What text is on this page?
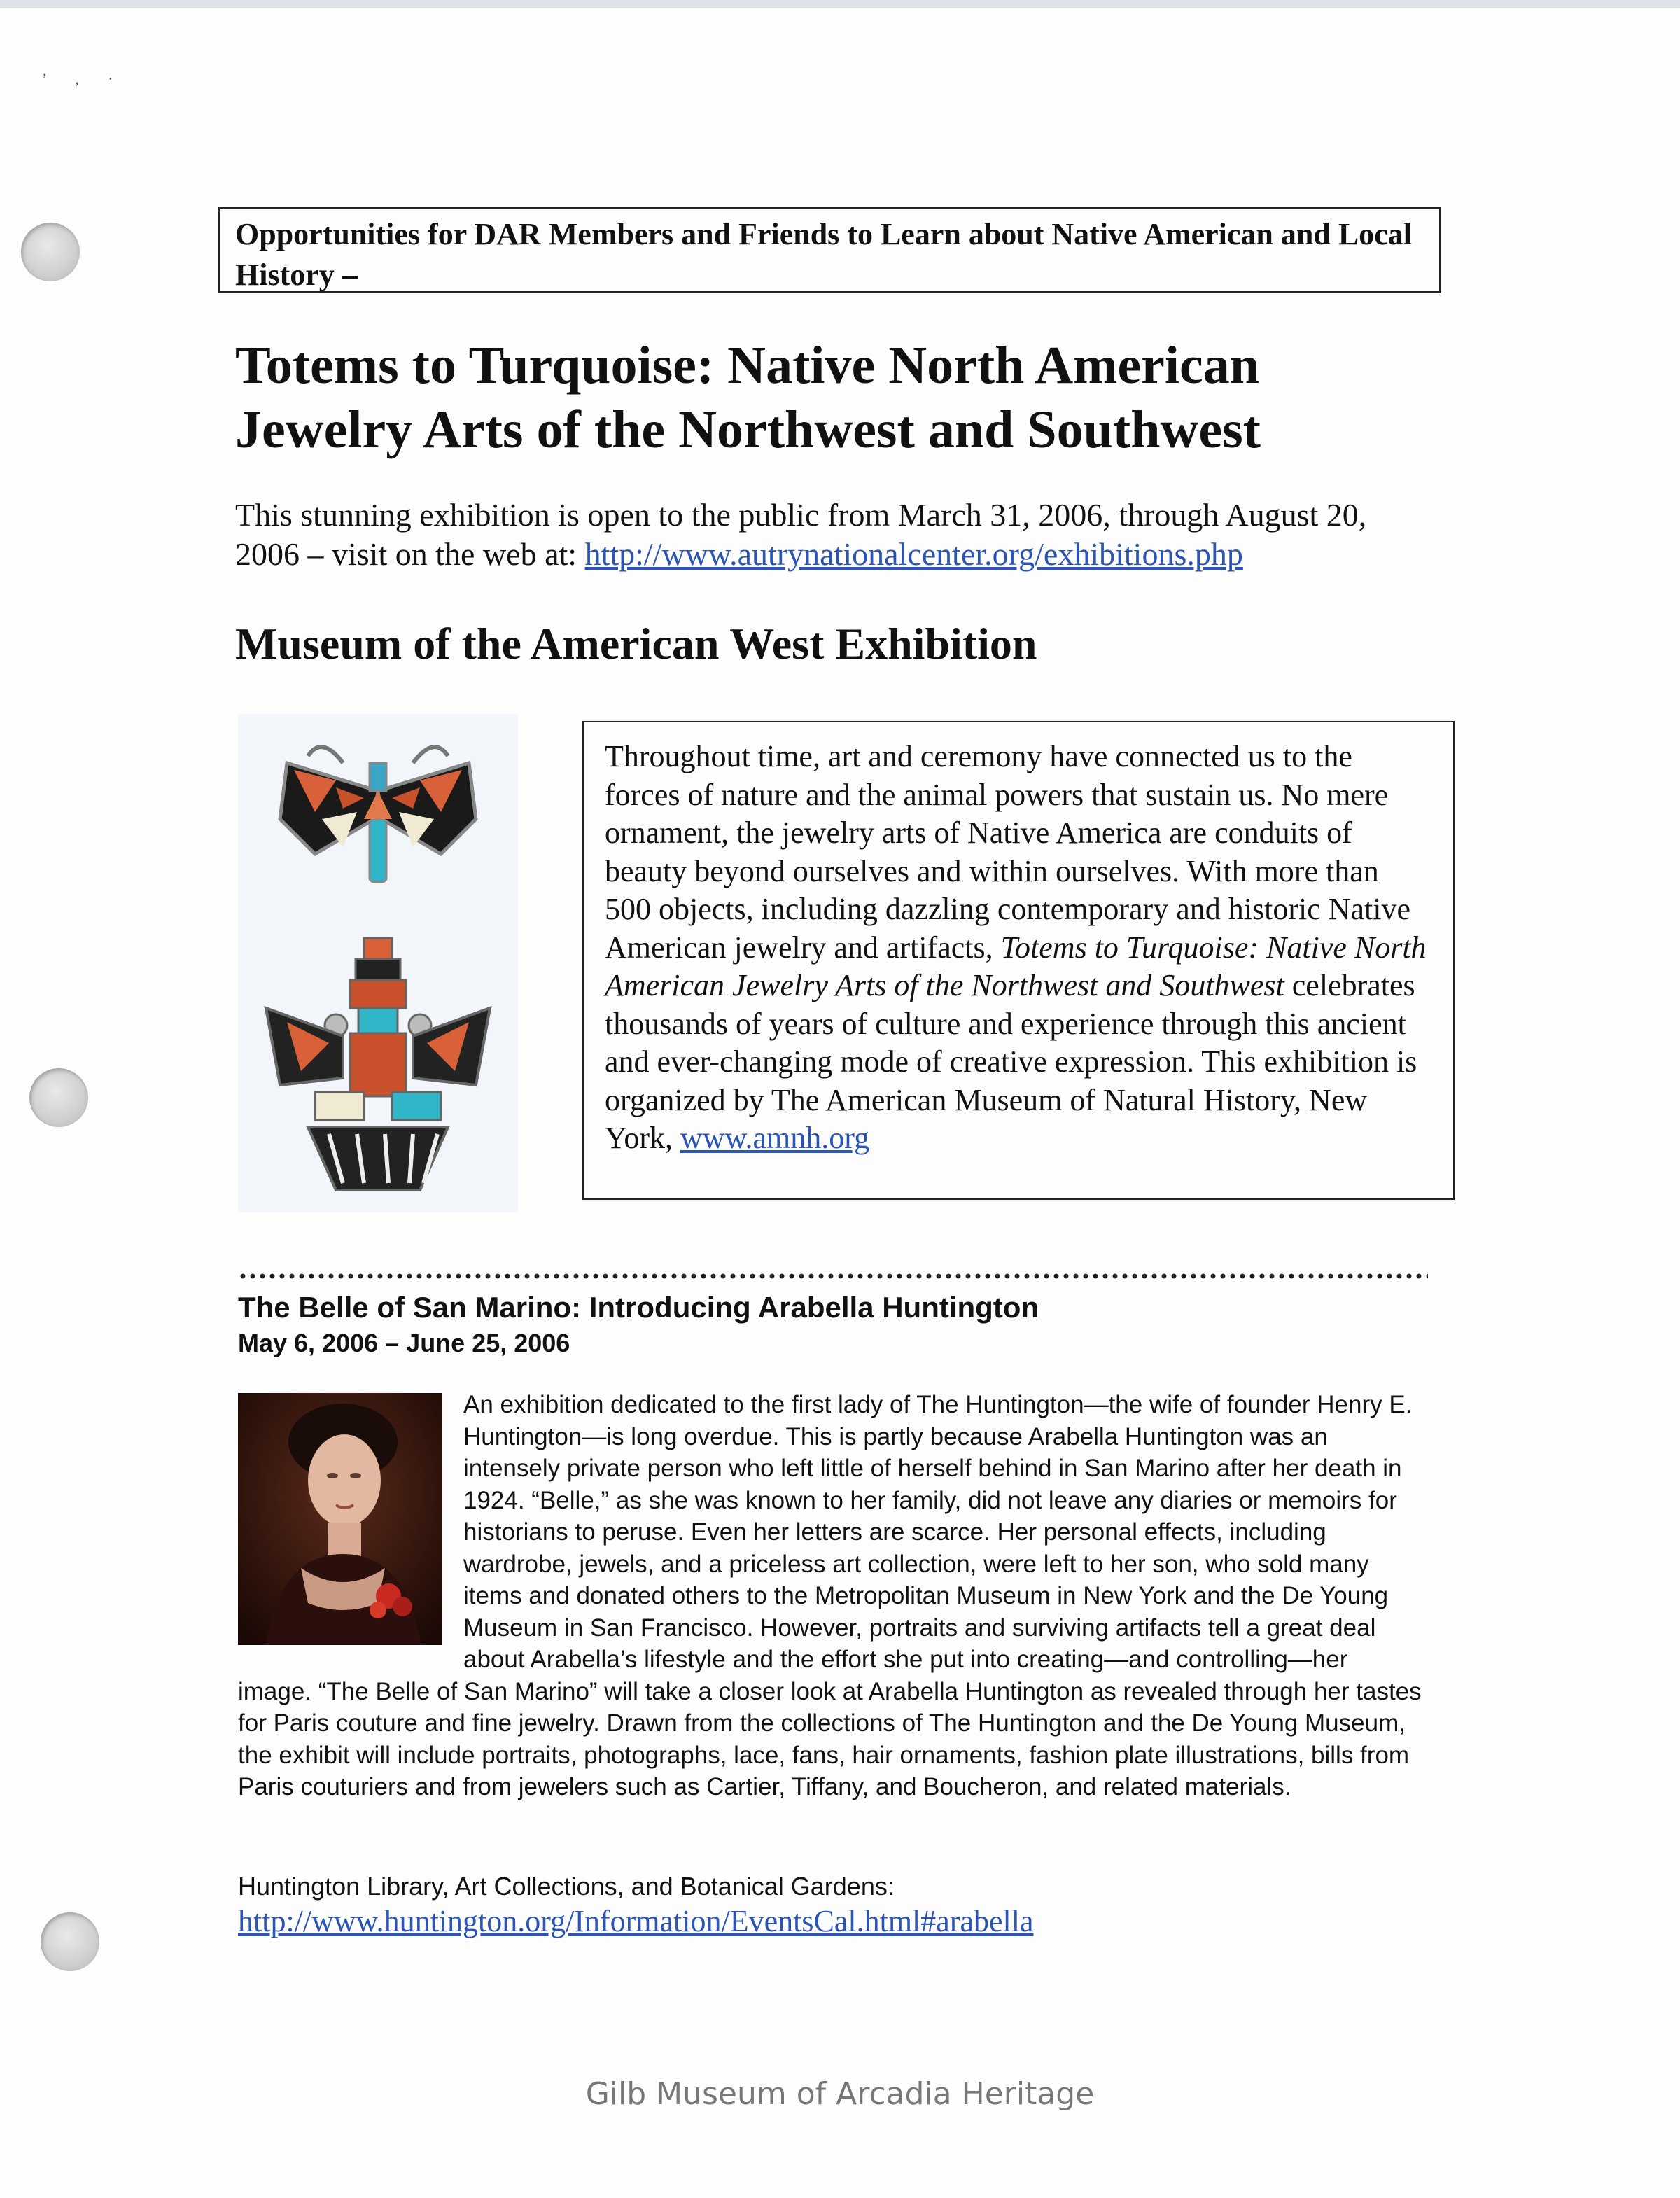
’ , ·

Opportunities for DAR Members and Friends to Learn about Native American and Local History –

Totems to Turquoise: Native North American Jewelry Arts of the Northwest and Southwest

This stunning exhibition is open to the public from March 31, 2006, through August 20, 2006 – visit on the web at: http://www.autrynationalcenter.org/exhibitions.php

Museum of the American West Exhibition

Throughout time, art and ceremony have connected us to the forces of nature and the animal powers that sustain us. No mere ornament, the jewelry arts of Native America are conduits of beauty beyond ourselves and within ourselves. With more than 500 objects, including dazzling contemporary and historic Native American jewelry and artifacts, Totems to Turquoise: Native North American Jewelry Arts of the Northwest and Southwest celebrates thousands of years of culture and experience through this ancient and ever-changing mode of creative expression. This exhibition is organized by The American Museum of Natural History, New York, www.amnh.org

The Belle of San Marino: Introducing Arabella Huntington

May 6, 2006 – June 25, 2006

An exhibition dedicated to the first lady of The Huntington—the wife of founder Henry E. Huntington—is long overdue. This is partly because Arabella Huntington was an intensely private person who left little of herself behind in San Marino after her death in 1924. “Belle,” as she was known to her family, did not leave any diaries or memoirs for historians to peruse. Even her letters are scarce. Her personal effects, including wardrobe, jewels, and a priceless art collection, were left to her son, who sold many items and donated others to the Metropolitan Museum in New York and the De Young Museum in San Francisco. However, portraits and surviving artifacts tell a great deal about Arabella’s lifestyle and the effort she put into creating—and controlling—her image. “The Belle of San Marino” will take a closer look at Arabella Huntington as revealed through her tastes for Paris couture and fine jewelry. Drawn from the collections of The Huntington and the De Young Museum, the exhibit will include portraits, photographs, lace, fans, hair ornaments, fashion plate illustrations, bills from Paris couturiers and from jewelers such as Cartier, Tiffany, and Boucheron, and related materials.

Huntington Library, Art Collections, and Botanical Gardens:

http://www.huntington.org/Information/EventsCal.html#arabella

Gilb Museum of Arcadia Heritage
